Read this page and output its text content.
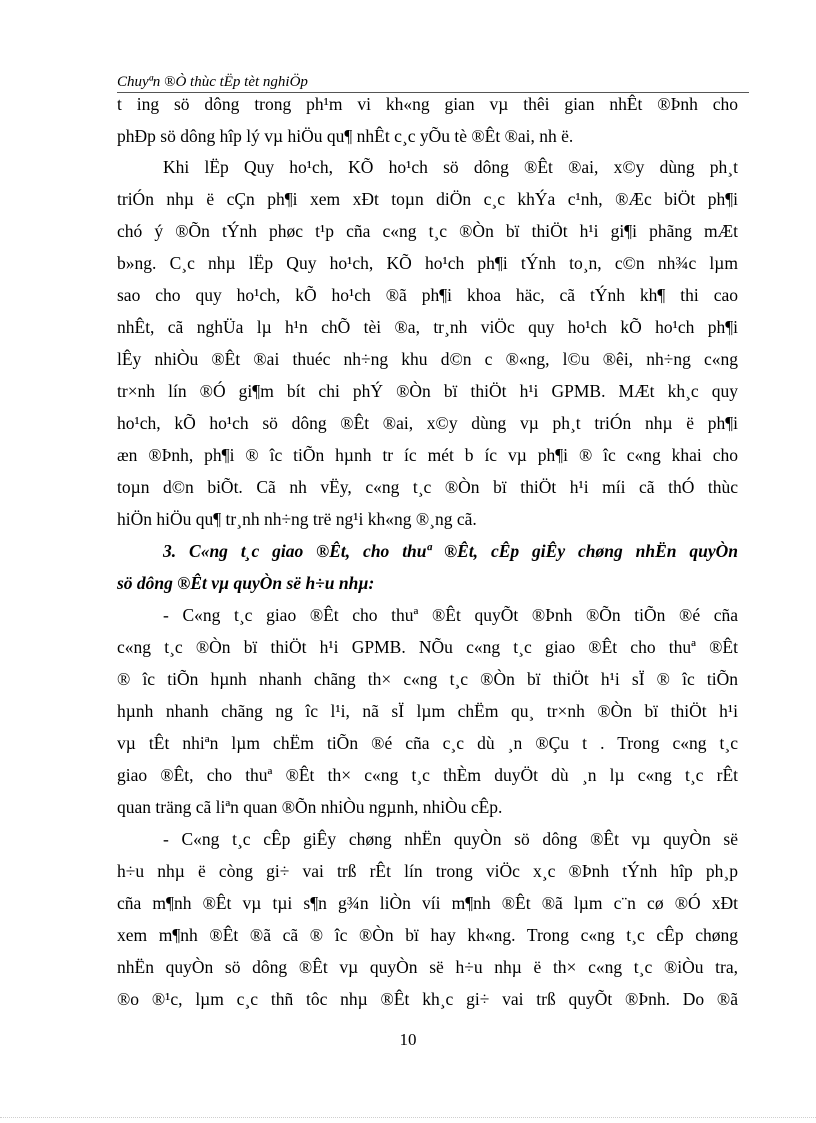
Chuyªn ®Ò thùc tËp tèt nghiÖp
t ing sö dông trong ph¹m vi kh«ng gian vµ thêi gian nhÊt ®Þnh cho
phÐp sö dông hîp lý vµ hiÖu qu¶ nhÊt c¸c yÕu tè ®Êt ®ai, nh ë.
Khi lËp Quy ho¹ch, KÕ ho¹ch sö dông ®Êt ®ai, x©y dùng ph¸t
triÓn nhµ ë cÇn ph¶i xem xÐt toµn diÖn c¸c khÝa c¹nh, ®Æc biÖt ph¶i
chó ý ®Õn tÝnh phøc t¹p cña c«ng t¸c ®Òn bï thiÖt h¹i gi¶i phãng mÆt
b»ng. C¸c nhµ lËp Quy ho¹ch, KÕ ho¹ch ph¶i tÝnh to¸n, c©n nh¾c lµm
sao cho quy ho¹ch, kÕ ho¹ch ®ã ph¶i khoa häc, cã tÝnh kh¶ thi cao
nhÊt, cã nghÜa lµ h¹n chÕ tèi ®a, tr¸nh viÖc quy ho¹ch kÕ ho¹ch ph¶i
lÊy nhiÒu ®Êt ®ai thuéc nh÷ng khu d©n c ®«ng, l©u ®êi, nh÷ng c«ng
tr×nh lín ®Ó gi¶m bít chi phÝ ®Òn bï thiÖt h¹i GPMB. MÆt kh¸c quy
ho¹ch, kÕ ho¹ch sö dông ®Êt ®ai, x©y dùng vµ ph¸t triÓn nhµ ë ph¶i
æn ®Þnh, ph¶i ® îc tiÕn hµnh tr íc mét b íc vµ ph¶i ® îc c«ng khai cho
toµn d©n biÕt. Cã nh vËy, c«ng t¸c ®Òn bï thiÖt h¹i míi cã thÓ thùc
hiÖn hiÖu qu¶ tr¸nh nh÷ng trë ng¹i kh«ng ®¸ng cã.
3. C«ng t¸c giao ®Êt, cho thuª ®Êt, cÊp giÊy chøng nhËn quyÒn
sö dông ®Êt vµ quyÒn së h÷u nhµ:
- C«ng t¸c giao ®Êt cho thuª ®Êt quyÕt ®Þnh ®Õn tiÕn ®é cña
c«ng t¸c ®Òn bï thiÖt h¹i GPMB. NÕu c«ng t¸c giao ®Êt cho thuª ®Êt
® îc tiÕn hµnh nhanh chãng th× c«ng t¸c ®Òn bï thiÖt h¹i sÏ ® îc tiÕn
hµnh nhanh chãng ng îc l¹i, nã sÏ lµm chËm qu¸ tr×nh ®Òn bï thiÖt h¹i
vµ tÊt nhiªn lµm chËm tiÕn ®é cña c¸c dù ¸n ®Çu t . Trong c«ng t¸c
giao ®Êt, cho thuª ®Êt th× c«ng t¸c thÈm duyÖt dù ¸n lµ c«ng t¸c rÊt
quan träng cã liªn quan ®Õn nhiÒu ngµnh, nhiÒu cÊp.
- C«ng t¸c cÊp giÊy chøng nhËn quyÒn sö dông ®Êt vµ quyÒn së
h÷u nhµ ë còng gi÷ vai trß rÊt lín trong viÖc x¸c ®Þnh tÝnh hîp ph¸p
cña m¶nh ®Êt vµ tµi s¶n g¾n liÒn víi m¶nh ®Êt ®ã lµm c¨n cø ®Ó xÐt
xem m¶nh ®Êt ®ã cã ® îc ®Òn bï hay kh«ng. Trong c«ng t¸c cÊp chøng
nhËn quyÒn sö dông ®Êt vµ quyÒn së h÷u nhµ ë th× c«ng t¸c ®iÒu tra,
®o ®¹c, lµm c¸c thñ tôc nhµ ®Êt kh¸c gi÷ vai trß quyÕt ®Þnh. Do ®ã
10
